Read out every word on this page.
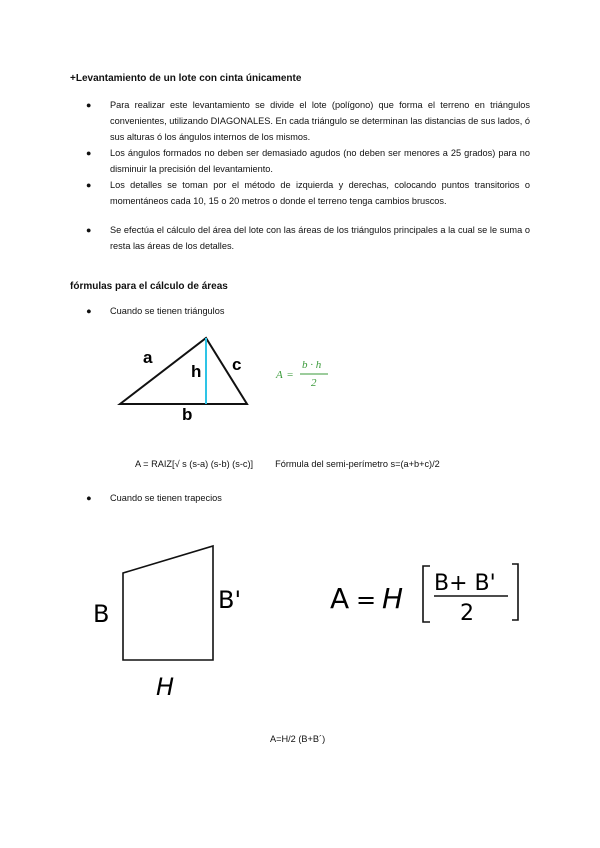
+Levantamiento de un lote con cinta únicamente
● Para realizar este levantamiento se divide el lote (polígono) que forma el terreno en triángulos convenientes, utilizando DIAGONALES. En cada triángulo se determinan las distancias de sus lados, ó sus alturas ó los ángulos internos de los mismos.
● Los ángulos formados no deben ser demasiado agudos (no deben ser menores a 25 grados) para no disminuir la precisión del levantamiento.
● Los detalles se toman por el método de izquierda y derechas, colocando puntos transitorios o momentáneos cada 10, 15 o 20 metros o donde el terreno tenga cambios bruscos.
● Se efectúa el cálculo del área del lote con las áreas de los triángulos principales a la cual se le suma o resta las áreas de los detalles.
fórmulas para el cálculo de áreas
● Cuando se tienen triángulos
a
h c
b
A =
b · h
2
A = RAIZ[√ s (s-a) (s-b) (s-c)] Fórmula del semi-perímetro s=(a+b+c)/2
● Cuando se tienen trapecios
B	B'
H
A = H B+ B'
2
A=H/2 (B+B´)
